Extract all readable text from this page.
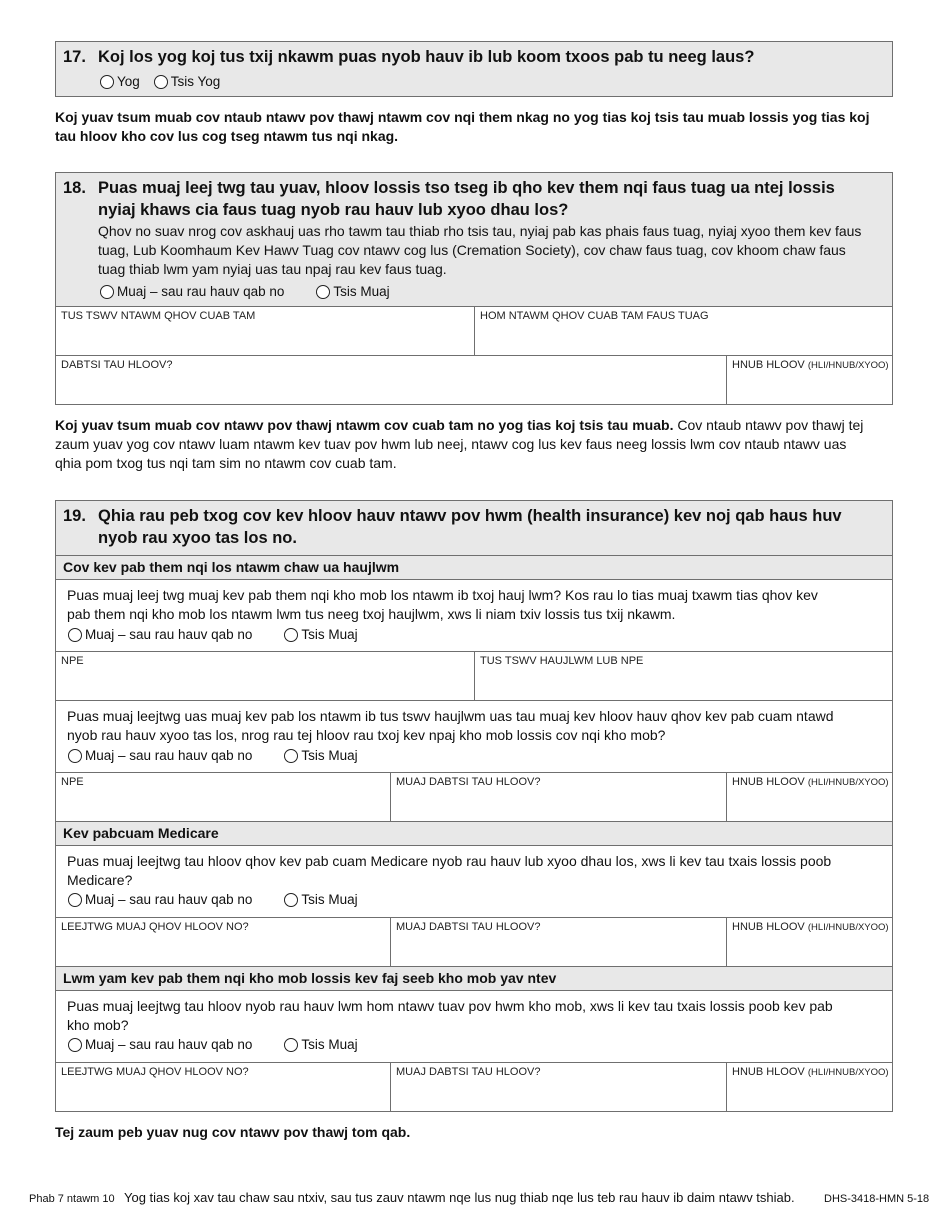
17. Koj los yog koj tus txij nkawm puas nyob hauv ib lub koom txoos pab tu neeg laus?
Yog Tsis Yog
Koj yuav tsum muab cov ntaub ntawv pov thawj ntawm cov nqi them nkag no yog tias koj tsis tau muab lossis yog tias koj tau hloov kho cov lus cog tseg ntawm tus nqi nkag.
18. Puas muaj leej twg tau yuav, hloov lossis tso tseg ib qho kev them nqi faus tuag ua ntej lossis
nyiaj khaws cia faus tuag nyob rau hauv lub xyoo dhau los?
Qhov no suav nrog cov askhauj uas rho tawm tau thiab rho tsis tau, nyiaj pab kas phais faus tuag, nyiaj xyoo them kev faus
tuag, Lub Koomhaum Kev Hawv Tuag cov ntawv cog lus (Cremation Society), cov chaw faus tuag, cov khoom chaw faus
tuag thiab lwm yam nyiaj uas tau npaj rau kev faus tuag.
Muaj – sau rau hauv qab no	Tsis Muaj
TUS TSWV NTAWM QHOV CUAB TAM	HOM NTAWM QHOV CUAB TAM FAUS TUAG
DABTSI TAU HLOOV?	HNUB HLOOV (HLI/HNUB/XYOO)
Koj yuav tsum muab cov ntawv pov thawj ntawm cov cuab tam no yog tias koj tsis tau muab. Cov ntaub ntawv pov thawj tej
zaum yuav yog cov ntawv luam ntawm kev tuav pov hwm lub neej, ntawv cog lus kev faus neeg lossis lwm cov ntaub ntawv uas
qhia pom txog tus nqi tam sim no ntawm cov cuab tam.
19. Qhia rau peb txog cov kev hloov hauv ntawv pov hwm (health insurance) kev noj qab haus huv
nyob rau xyoo tas los no.
Cov kev pab them nqi los ntawm chaw ua haujlwm
Puas muaj leej twg muaj kev pab them nqi kho mob los ntawm ib txoj hauj lwm? Kos rau lo tias muaj txawm tias qhov kev
pab them nqi kho mob los ntawm lwm tus neeg txoj haujlwm, xws li niam txiv lossis tus txij nkawm.
Muaj – sau rau hauv qab no	Tsis Muaj
NPE	TUS TSWV HAUJLWM LUB NPE
Puas muaj leejtwg uas muaj kev pab los ntawm ib tus tswv haujlwm uas tau muaj kev hloov hauv qhov kev pab cuam ntawd
nyob rau hauv xyoo tas los, nrog rau tej hloov rau txoj kev npaj kho mob lossis cov nqi kho mob?
Muaj – sau rau hauv qab no	Tsis Muaj
NPE	MUAJ DABTSI TAU HLOOV?	HNUB HLOOV (HLI/HNUB/XYOO)
Kev pabcuam Medicare
Puas muaj leejtwg tau hloov qhov kev pab cuam Medicare nyob rau hauv lub xyoo dhau los, xws li kev tau txais lossis poob
Medicare?
Muaj – sau rau hauv qab no	Tsis Muaj
LEEJTWG MUAJ QHOV HLOOV NO?	MUAJ DABTSI TAU HLOOV?	HNUB HLOOV (HLI/HNUB/XYOO)
Lwm yam kev pab them nqi kho mob lossis kev faj seeb kho mob yav ntev
Puas muaj leejtwg tau hloov nyob rau hauv lwm hom ntawv tuav pov hwm kho mob, xws li kev tau txais lossis poob kev pab
kho mob?
Muaj – sau rau hauv qab no	Tsis Muaj
LEEJTWG MUAJ QHOV HLOOV NO?	MUAJ DABTSI TAU HLOOV?	HNUB HLOOV (HLI/HNUB/XYOO)
Tej zaum peb yuav nug cov ntawv pov thawj tom qab.
Phab 7 ntawm 10 Yog tias koj xav tau chaw sau ntxiv, sau tus zauv ntawm nqe lus nug thiab nqe lus teb rau hauv ib daim ntawv tshiab.	DHS-3418-HMN 5-18
